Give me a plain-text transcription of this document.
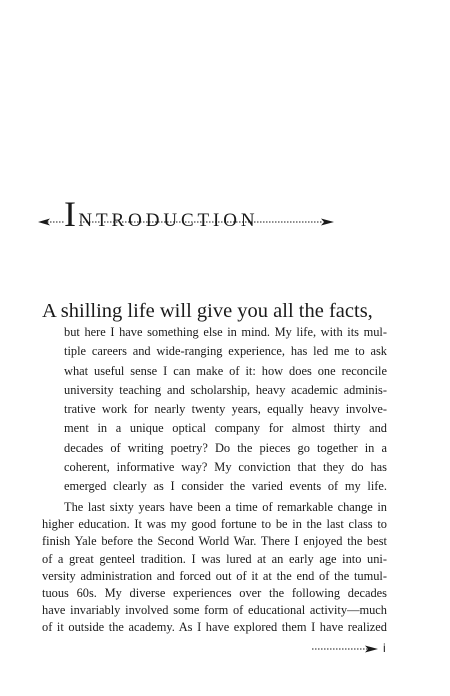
INTRODUCTION
A shilling life will give you all the facts,
but here I have something else in mind. My life, with its mul-
tiple careers and wide-ranging experience, has led me to ask
what useful sense I can make of it: how does one reconcile
university teaching and scholarship, heavy academic adminis-
trative work for nearly twenty years, equally heavy involve-
ment in a unique optical company for almost thirty and
decades of writing poetry? Do the pieces go together in a
coherent, informative way? My conviction that they do has
emerged clearly as I consider the varied events of my life.
The last sixty years have been a time of remarkable change in
higher education. It was my good fortune to be in the last class to
finish Yale before the Second World War. There I enjoyed the best
of a great genteel tradition. I was lured at an early age into uni-
versity administration and forced out of it at the end of the tumul-
tuous 60s. My diverse experiences over the following decades
have invariably involved some form of educational activity—much
of it outside the academy. As I have explored them I have realized
i
